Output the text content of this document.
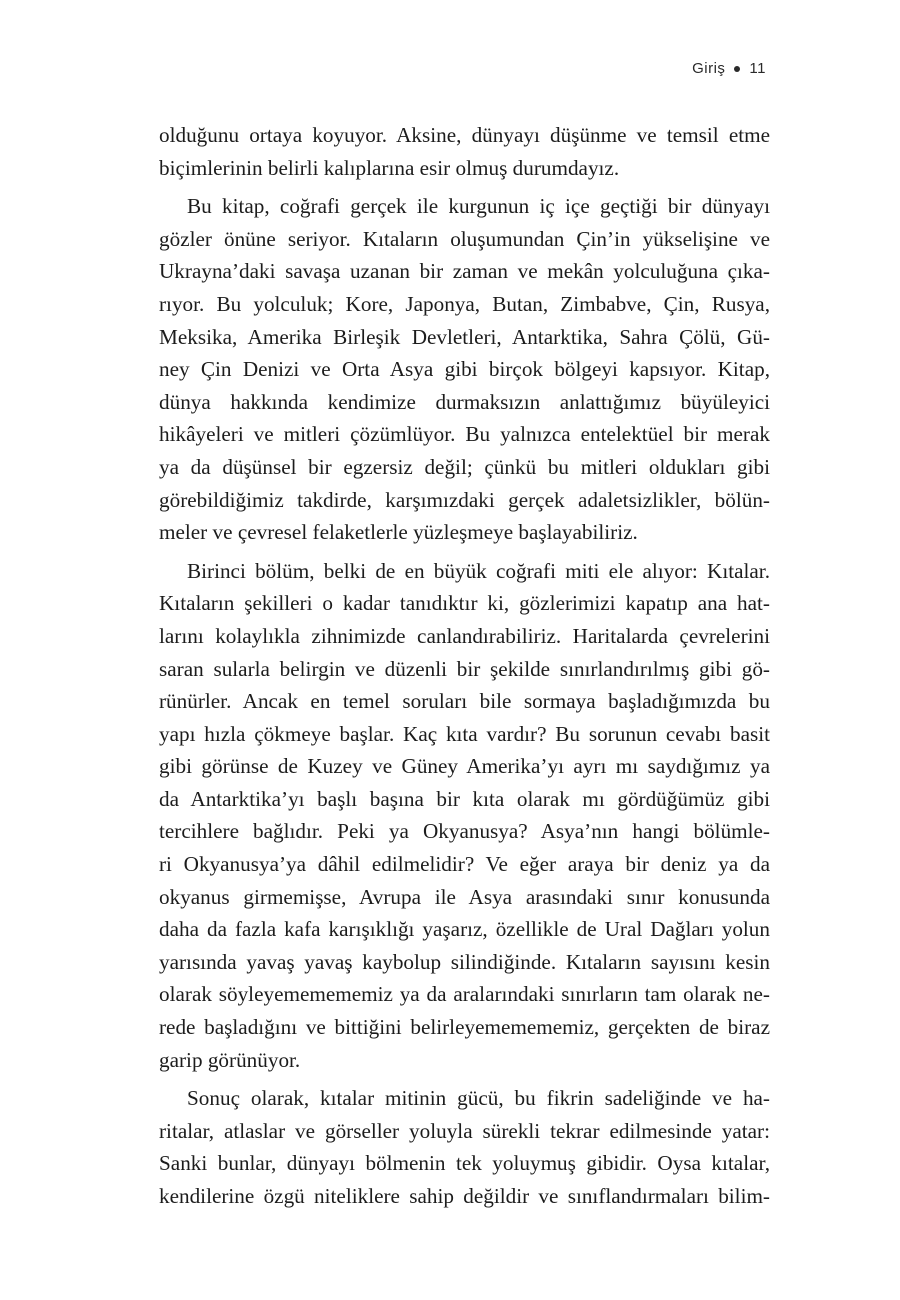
Giriş 11
olduğunu ortaya koyuyor. Aksine, dünyayı düşünme ve temsil etme
biçimlerinin belirli kalıplarına esir olmuş durumdayız.
Bu kitap, coğrafi gerçek ile kurgunun iç içe geçtiği bir dünyayı
gözler önüne seriyor. Kıtaların oluşumundan Çin’in yükselişine ve
Ukrayna’daki savaşa uzanan bir zaman ve mekân yolculuğuna çıka-
rıyor. Bu yolculuk; Kore, Japonya, Butan, Zimbabve, Çin, Rusya,
Meksika, Amerika Birleşik Devletleri, Antarktika, Sahra Çölü, Gü-
ney Çin Denizi ve Orta Asya gibi birçok bölgeyi kapsıyor. Kitap,
dünya hakkında kendimize durmaksızın anlattığımız büyüleyici
hikâyeleri ve mitleri çözümlüyor. Bu yalnızca entelektüel bir merak
ya da düşünsel bir egzersiz değil; çünkü bu mitleri oldukları gibi
görebildiğimiz takdirde, karşımızdaki gerçek adaletsizlikler, bölün-
meler ve çevresel felaketlerle yüzleşmeye başlayabiliriz.
Birinci bölüm, belki de en büyük coğrafi miti ele alıyor: Kıtalar.
Kıtaların şekilleri o kadar tanıdıktır ki, gözlerimizi kapatıp ana hat-
larını kolaylıkla zihnimizde canlandırabiliriz. Haritalarda çevrelerini
saran sularla belirgin ve düzenli bir şekilde sınırlandırılmış gibi gö-
rünürler. Ancak en temel soruları bile sormaya başladığımızda bu
yapı hızla çökmeye başlar. Kaç kıta vardır? Bu sorunun cevabı basit
gibi görünse de Kuzey ve Güney Amerika’yı ayrı mı saydığımız ya
da Antarktika’yı başlı başına bir kıta olarak mı gördüğümüz gibi
tercihlere bağlıdır. Peki ya Okyanusya? Asya’nın hangi bölümle-
ri Okyanusya’ya dâhil edilmelidir? Ve eğer araya bir deniz ya da
okyanus girmemişse, Avrupa ile Asya arasındaki sınır konusunda
daha da fazla kafa karışıklığı yaşarız, özellikle de Ural Dağları yolun
yarısında yavaş yavaş kaybolup silindiğinde. Kıtaların sayısını kesin
olarak söyleyememememiz ya da aralarındaki sınırların tam olarak ne-
rede başladığını ve bittiğini belirleyememememiz, gerçekten de biraz
garip görünüyor.
Sonuç olarak, kıtalar mitinin gücü, bu fikrin sadeliğinde ve ha-
ritalar, atlaslar ve görseller yoluyla sürekli tekrar edilmesinde yatar:
Sanki bunlar, dünyayı bölmenin tek yoluymuş gibidir. Oysa kıtalar,
kendilerine özgü niteliklere sahip değildir ve sınıflandırmaları bilim-
